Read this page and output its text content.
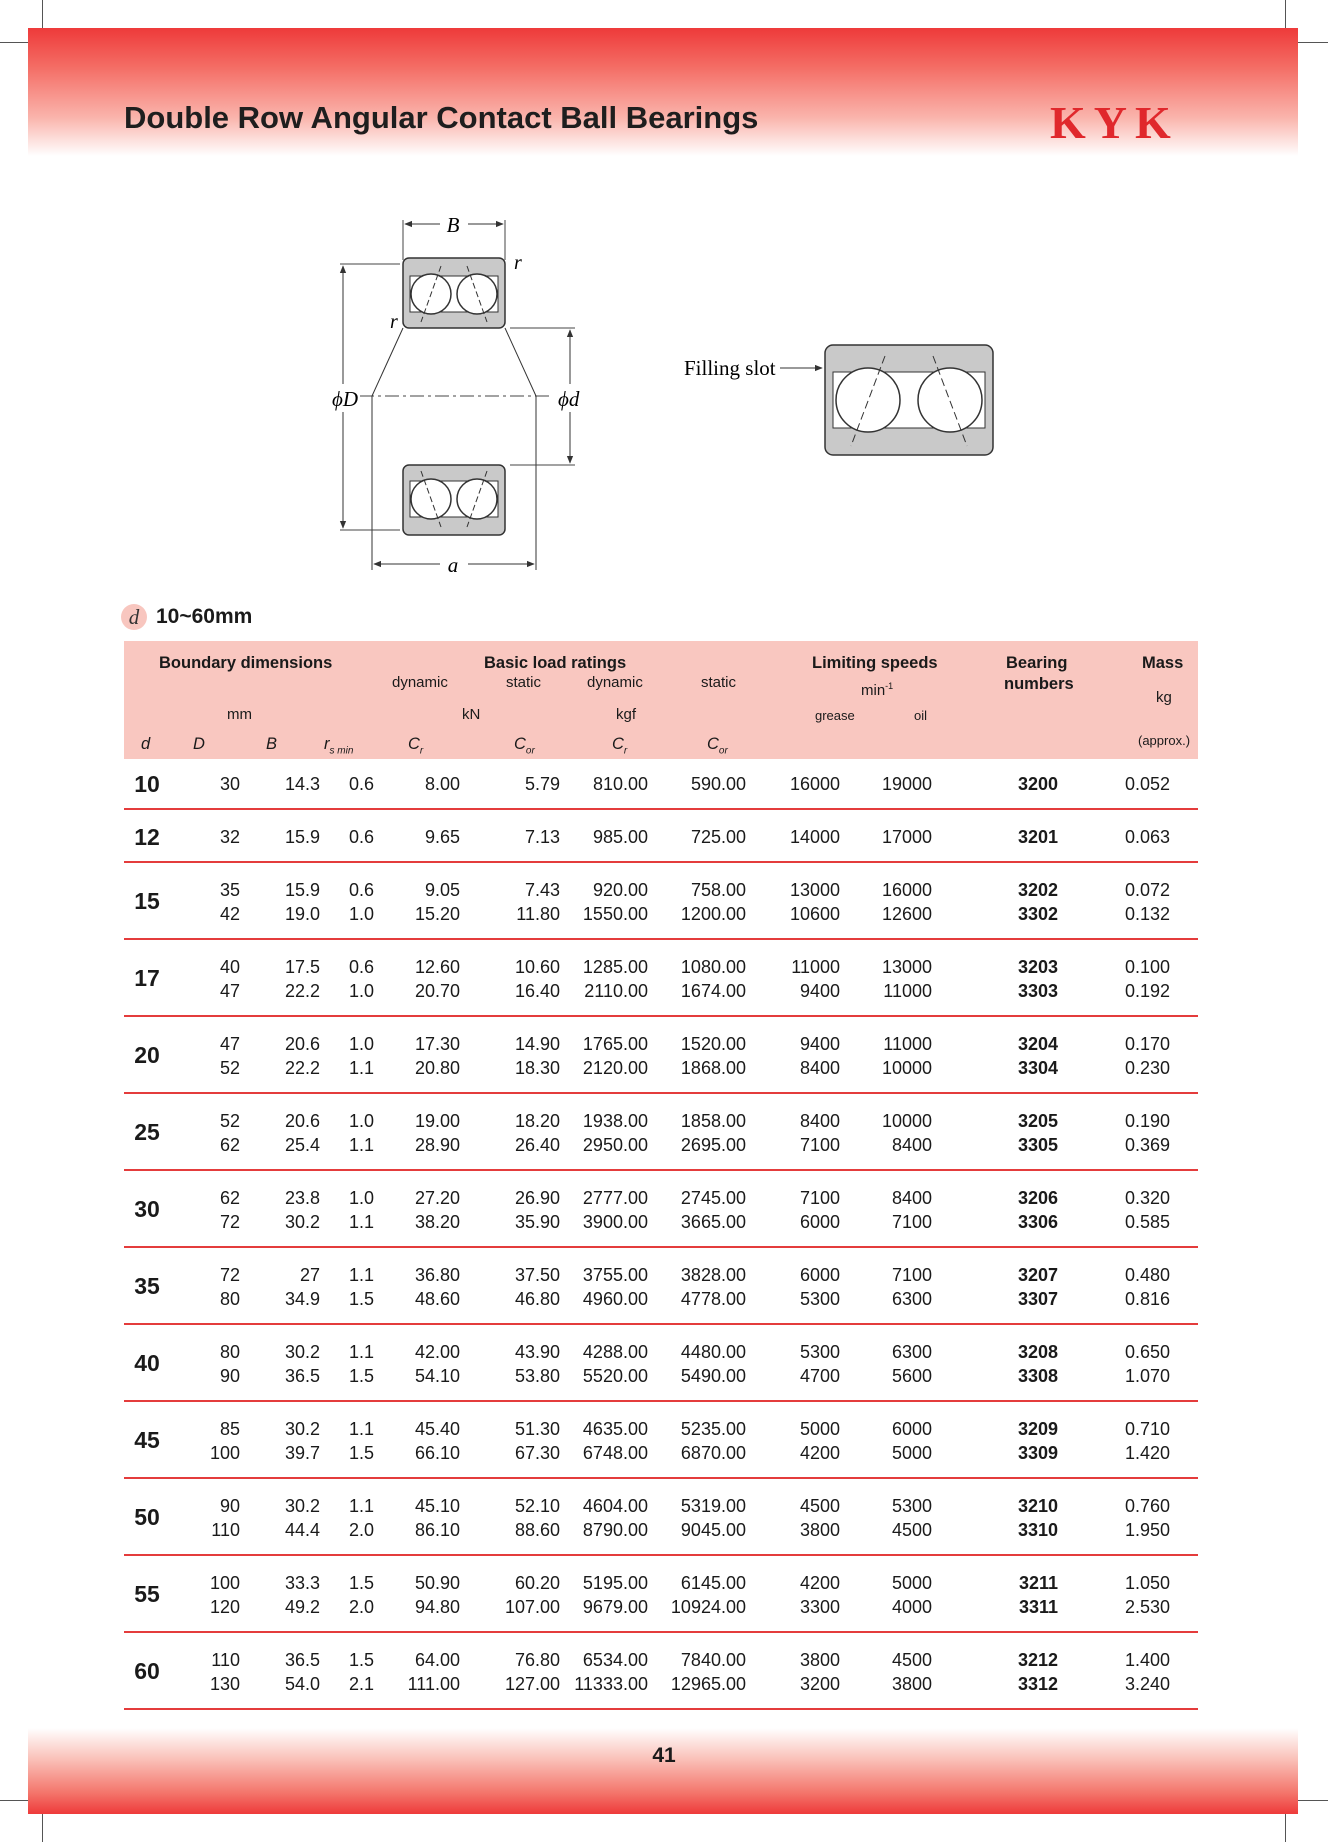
Double Row Angular Contact Ball Bearings	KYK
B
r
r
ϕD	ϕd
a
Filling slot
d 10~60mm
Boundary dimensions
mm
Basic load ratings
dynamic	static	dynamic	static
kN	kgf
Limiting speeds
$\min^{-1}$
grease	oil
Bearing
numbers
Mass
kg
(approx.)
d	D	B	$r_{s min}$	$C_r$	$C_{or}$	$C_r$	$C_{or}$
10	30	14.3	0.6	8.00	5.79	810.00	590.00	16000	19000	3200	0.052
12	32	15.9	0.6	9.65	7.13	985.00	725.00	14000	17000	3201	0.063
15	35	15.9	0.6	9.05	7.43	920.00	758.00	13000	16000	3202	0.072
42	19.0	1.0	15.20	11.80	1550.00	1200.00	10600	12600	3302	0.132
17	40	17.5	0.6	12.60	10.60	1285.00	1080.00	11000	13000	3203	0.100
47	22.2	1.0	20.70	16.40	2110.00	1674.00	9400	11000	3303	0.192
20	47	20.6	1.0	17.30	14.90	1765.00	1520.00	9400	11000	3204	0.170
52	22.2	1.1	20.80	18.30	2120.00	1868.00	8400	10000	3304	0.230
25	52	20.6	1.0	19.00	18.20	1938.00	1858.00	8400	10000	3205	0.190
62	25.4	1.1	28.90	26.40	2950.00	2695.00	7100	8400	3305	0.369
30	62	23.8	1.0	27.20	26.90	2777.00	2745.00	7100	8400	3206	0.320
72	30.2	1.1	38.20	35.90	3900.00	3665.00	6000	7100	3306	0.585
35	72	27	1.1	36.80	37.50	3755.00	3828.00	6000	7100	3207	0.480
80	34.9	1.5	48.60	46.80	4960.00	4778.00	5300	6300	3307	0.816
40	80	30.2	1.1	42.00	43.90	4288.00	4480.00	5300	6300	3208	0.650
90	36.5	1.5	54.10	53.80	5520.00	5490.00	4700	5600	3308	1.070
45	85	30.2	1.1	45.40	51.30	4635.00	5235.00	5000	6000	3209	0.710
100	39.7	1.5	66.10	67.30	6748.00	6870.00	4200	5000	3309	1.420
50	90	30.2	1.1	45.10	52.10	4604.00	5319.00	4500	5300	3210	0.760
110	44.4	2.0	86.10	88.60	8790.00	9045.00	3800	4500	3310	1.950
55	100	33.3	1.5	50.90	60.20	5195.00	6145.00	4200	5000	3211	1.050
120	49.2	2.0	94.80	107.00	9679.00	10924.00	3300	4000	3311	2.530
60	110	36.5	1.5	64.00	76.80	6534.00	7840.00	3800	4500	3212	1.400
130	54.0	2.1	111.00	127.00 11333.00	12965.00	3200	3800	3312	3.240
41
